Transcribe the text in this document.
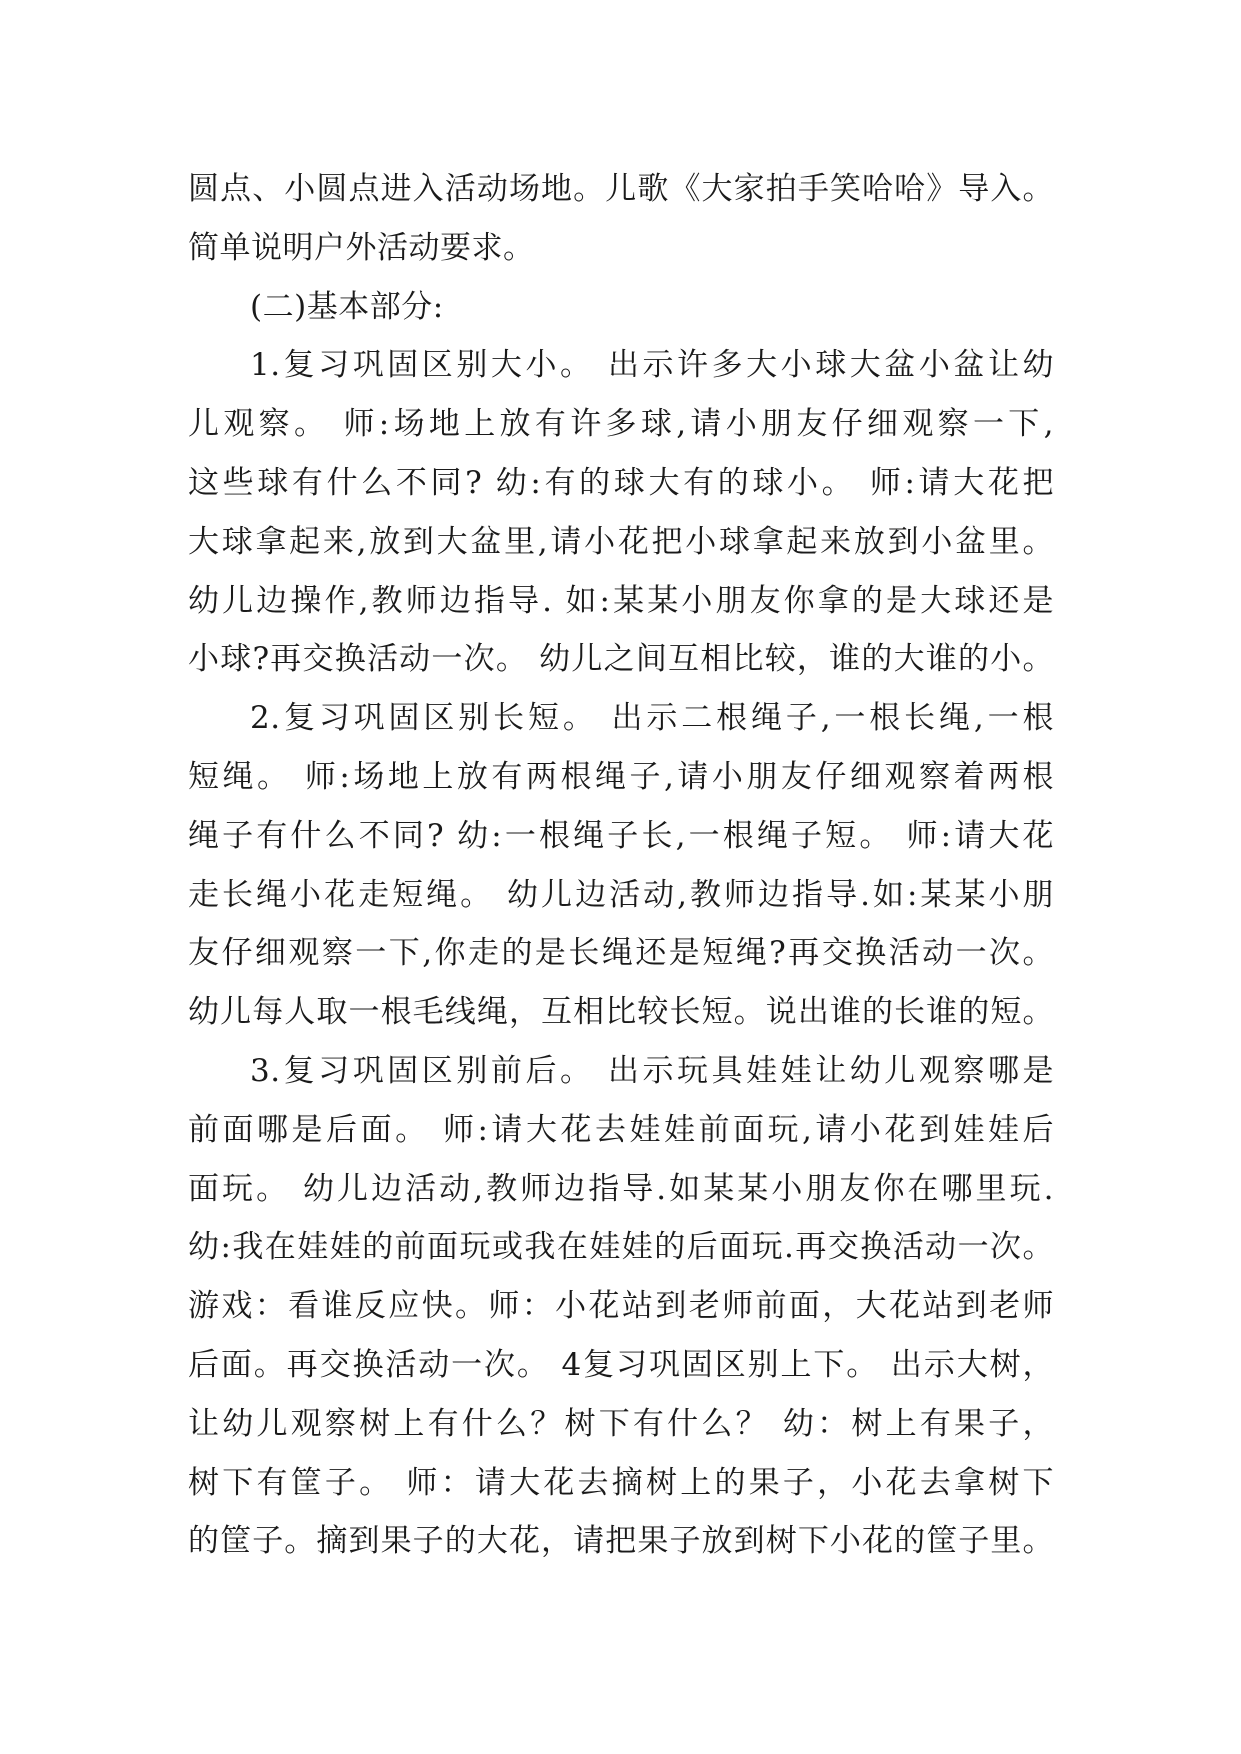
圆点、小圆点进入活动场地。儿歌《大家拍手笑哈哈》导入。
简单说明户外活动要求。
(二)基本部分:
1.复习巩固区别大小。 出示许多大小球大盆小盆让幼
儿观察。 师:场地上放有许多球,请小朋友仔细观察一下,
这些球有什么不同? 幼:有的球大有的球小。 师:请大花把
大球拿起来,放到大盆里,请小花把小球拿起来放到小盆里。
幼儿边操作,教师边指导. 如:某某小朋友你拿的是大球还是
小球?再交换活动一次。 幼儿之间互相比较，谁的大谁的小。
2.复习巩固区别长短。 出示二根绳子,一根长绳,一根
短绳。 师:场地上放有两根绳子,请小朋友仔细观察着两根
绳子有什么不同? 幼:一根绳子长,一根绳子短。 师:请大花
走长绳小花走短绳。 幼儿边活动,教师边指导.如:某某小朋
友仔细观察一下,你走的是长绳还是短绳?再交换活动一次。
幼儿每人取一根毛线绳，互相比较长短。说出谁的长谁的短。
3.复习巩固区别前后。 出示玩具娃娃让幼儿观察哪是
前面哪是后面。 师:请大花去娃娃前面玩,请小花到娃娃后
面玩。 幼儿边活动,教师边指导.如某某小朋友你在哪里玩.
幼:我在娃娃的前面玩或我在娃娃的后面玩.再交换活动一次。
游戏：看谁反应快。师：小花站到老师前面，大花站到老师
后面。再交换活动一次。 4复习巩固区别上下。 出示大树，
让幼儿观察树上有什么？树下有什么？ 幼：树上有果子，
树下有筐子。 师：请大花去摘树上的果子，小花去拿树下
的筐子。摘到果子的大花，请把果子放到树下小花的筐子里。
